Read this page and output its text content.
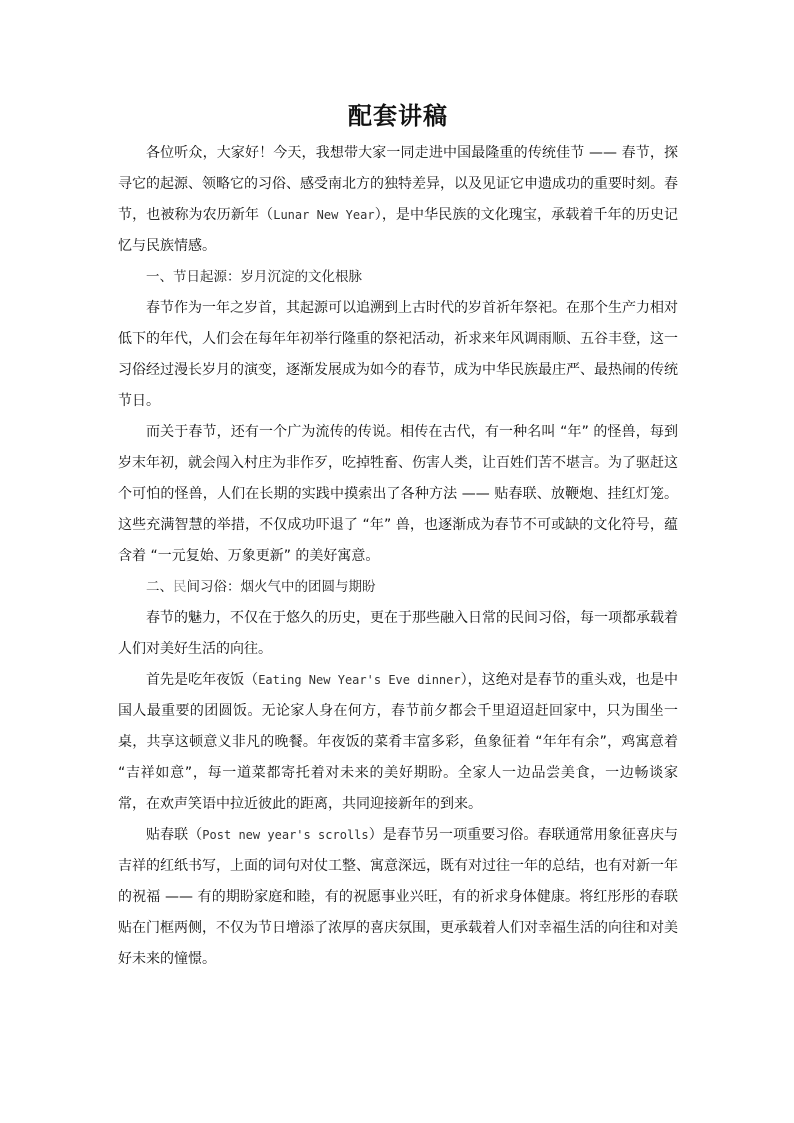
配套讲稿

各位听众，大家好！今天，我想带大家一同走进中国最隆重的传统佳节 —— 春节，探寻它的起源、领略它的习俗、感受南北方的独特差异，以及见证它申遗成功的重要时刻。春节，也被称为农历新年（Lunar New Year），是中华民族的文化瑰宝，承载着千年的历史记忆与民族情感。

一、节日起源：岁月沉淀的文化根脉

春节作为一年之岁首，其起源可以追溯到上古时代的岁首祈年祭祀。在那个生产力相对低下的年代，人们会在每年年初举行隆重的祭祀活动，祈求来年风调雨顺、五谷丰登，这一习俗经过漫长岁月的演变，逐渐发展成为如今的春节，成为中华民族最庄严、最热闹的传统节日。

而关于春节，还有一个广为流传的传说。相传在古代，有一种名叫 “年” 的怪兽，每到岁末年初，就会闯入村庄为非作歹，吃掉牲畜、伤害人类，让百姓们苦不堪言。为了驱赶这个可怕的怪兽，人们在长期的实践中摸索出了各种方法 —— 贴春联、放鞭炮、挂红灯笼。这些充满智慧的举措，不仅成功吓退了 “年” 兽，也逐渐成为春节不可或缺的文化符号，蕴含着 “一元复始、万象更新” 的美好寓意。

二、民间习俗：烟火气中的团圆与期盼

春节的魅力，不仅在于悠久的历史，更在于那些融入日常的民间习俗，每一项都承载着人们对美好生活的向往。

首先是吃年夜饭（Eating New Year's Eve dinner），这绝对是春节的重头戏，也是中国人最重要的团圆饭。无论家人身在何方，春节前夕都会千里迢迢赶回家中，只为围坐一桌，共享这顿意义非凡的晚餐。年夜饭的菜肴丰富多彩，鱼象征着 “年年有余”，鸡寓意着 “吉祥如意”，每一道菜都寄托着对未来的美好期盼。全家人一边品尝美食，一边畅谈家常，在欢声笑语中拉近彼此的距离，共同迎接新年的到来。

贴春联（Post new year's scrolls）是春节另一项重要习俗。春联通常用象征喜庆与吉祥的红纸书写，上面的词句对仗工整、寓意深远，既有对过往一年的总结，也有对新一年的祝福 —— 有的期盼家庭和睦，有的祝愿事业兴旺，有的祈求身体健康。将红彤彤的春联贴在门框两侧，不仅为节日增添了浓厚的喜庆氛围，更承载着人们对幸福生活的向往和对美好未来的憧憬。
